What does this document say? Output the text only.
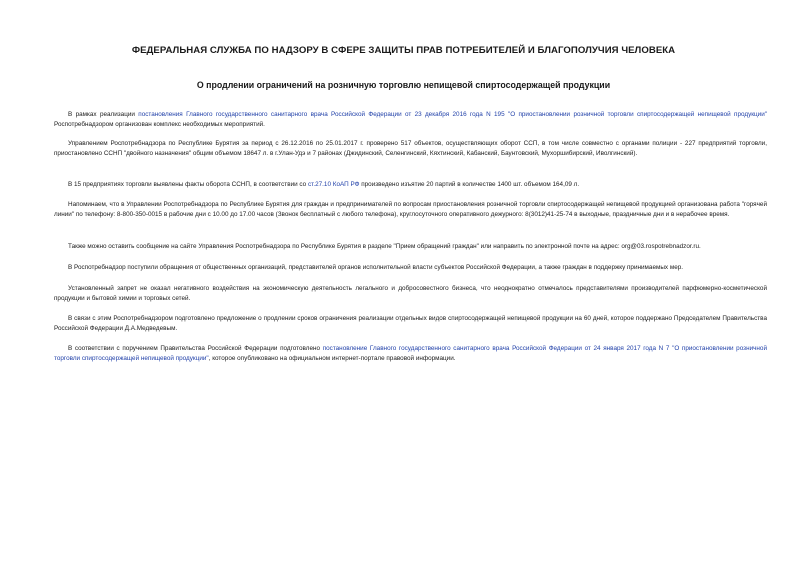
ФЕДЕРАЛЬНАЯ СЛУЖБА ПО НАДЗОРУ В СФЕРЕ ЗАЩИТЫ ПРАВ ПОТРЕБИТЕЛЕЙ И БЛАГОПОЛУЧИЯ ЧЕЛОВЕКА
О продлении ограничений на розничную торговлю непищевой спиртосодержащей продукции

В рамках реализации постановления Главного государственного санитарного врача Российской Федерации от 23 декабря 2016 года N 195 "О приостановлении розничной торговли спиртосодержащей непищевой продукции" Роспотребнадзором организован комплекс необходимых мероприятий.

Управлением Роспотребнадзора по Республике Бурятия за период с 26.12.2016 по 25.01.2017 г. проверено 517 объектов, осуществляющих оборот ССП, в том числе совместно с органами полиции - 227 предприятий торговли, приостановлено ССНП "двойного назначения" общим объемом 18647 л. в г.Улан-Удэ и 7 районах (Джидинский, Селенгинский, Кяхтинский, Кабанский, Баунтовский, Мухоршибирский, Иволгинский).

В 15 предприятиях торговли выявлены факты оборота ССНП, в соответствии со ст.27.10 КоАП РФ произведено изъятие 20 партий в количестве 1400 шт. объемом 164,09 л.

Напоминаем, что в Управлении Роспотребнадзора по Республике Бурятия для граждан и предпринимателей по вопросам приостановления розничной торговли спиртосодержащей непищевой продукцией организована работа "горячей линии" по телефону: 8-800-350-0015 в рабочие дни с 10.00 до 17.00 часов (Звонок бесплатный с любого телефона), круглосуточного оперативного дежурного: 8(3012)41-25-74 в выходные, праздничные дни и в нерабочее время.

Также можно оставить сообщение на сайте Управления Роспотребнадзора по Республике Бурятия в разделе "Прием обращений граждан" или направить по электронной почте на адрес: org@03.rospotrebnadzor.ru.

В Роспотребнадзор поступили обращения от общественных организаций, представителей органов исполнительной власти субъектов Российской Федерации, а также граждан в поддержку принимаемых мер.

Установленный запрет не оказал негативного воздействия на экономическую деятельность легального и добросовестного бизнеса, что неоднократно отмечалось представителями производителей парфюмерно-косметической продукции и бытовой химии и торговых сетей.

В связи с этим Роспотребнадзором подготовлено предложение о продлении сроков ограничения реализации отдельных видов спиртосодержащей непищевой продукции на 60 дней, которое поддержано Председателем Правительства Российской Федерации Д.А.Медведевым.

В соответствии с поручением Правительства Российской Федерации подготовлено постановление Главного государственного санитарного врача Российской Федерации от 24 января 2017 года N 7 "О приостановлении розничной торговли спиртосодержащей непищевой продукции", которое опубликовано на официальном интернет-портале правовой информации.
